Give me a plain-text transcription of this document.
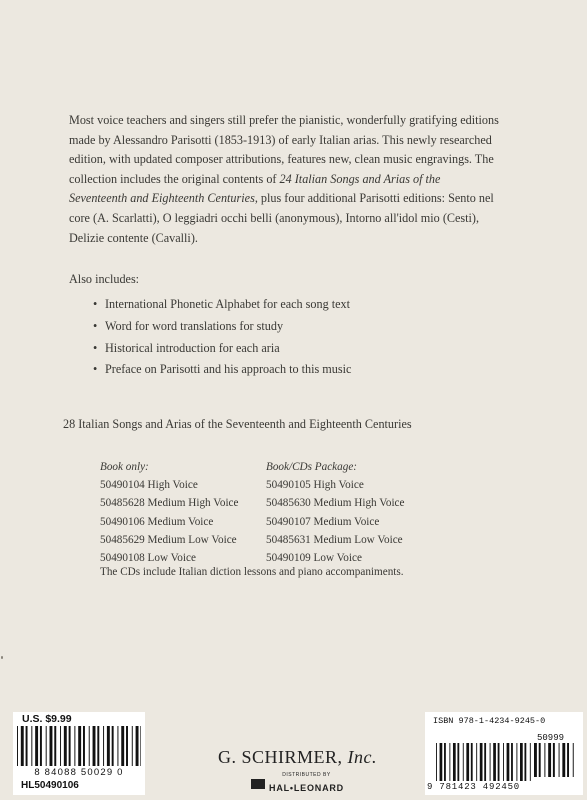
Most voice teachers and singers still prefer the pianistic, wonderfully gratifying editions made by Alessandro Parisotti (1853-1913) of early Italian arias. This newly researched edition, with updated composer attributions, features new, clean music engravings. The collection includes the original contents of 24 Italian Songs and Arias of the Seventeenth and Eighteenth Centuries, plus four additional Parisotti editions: Sento nel core (A. Scarlatti), O leggiadri occhi belli (anonymous), Intorno all'idol mio (Cesti), Delizie contente (Cavalli).

Also includes:
• International Phonetic Alphabet for each song text
• Word for word translations for study
• Historical introduction for each aria
• Preface on Parisotti and his approach to this music
28 Italian Songs and Arias of the Seventeenth and Eighteenth Centuries
Book only:
50490104 High Voice
50485628 Medium High Voice
50490106 Medium Voice
50485629 Medium Low Voice
50490108 Low Voice
Book/CDs Package:
50490105 High Voice
50485630 Medium High Voice
50490107 Medium Voice
50485631 Medium Low Voice
50490109 Low Voice
The CDs include Italian diction lessons and piano accompaniments.
U.S. $9.99
8 84088 50029 0
HL50490106
G. SCHIRMER, Inc.
DISTRIBUTED BY
HAL•LEONARD
ISBN 978-1-4234-9245-0
50999
9 781423 492450
